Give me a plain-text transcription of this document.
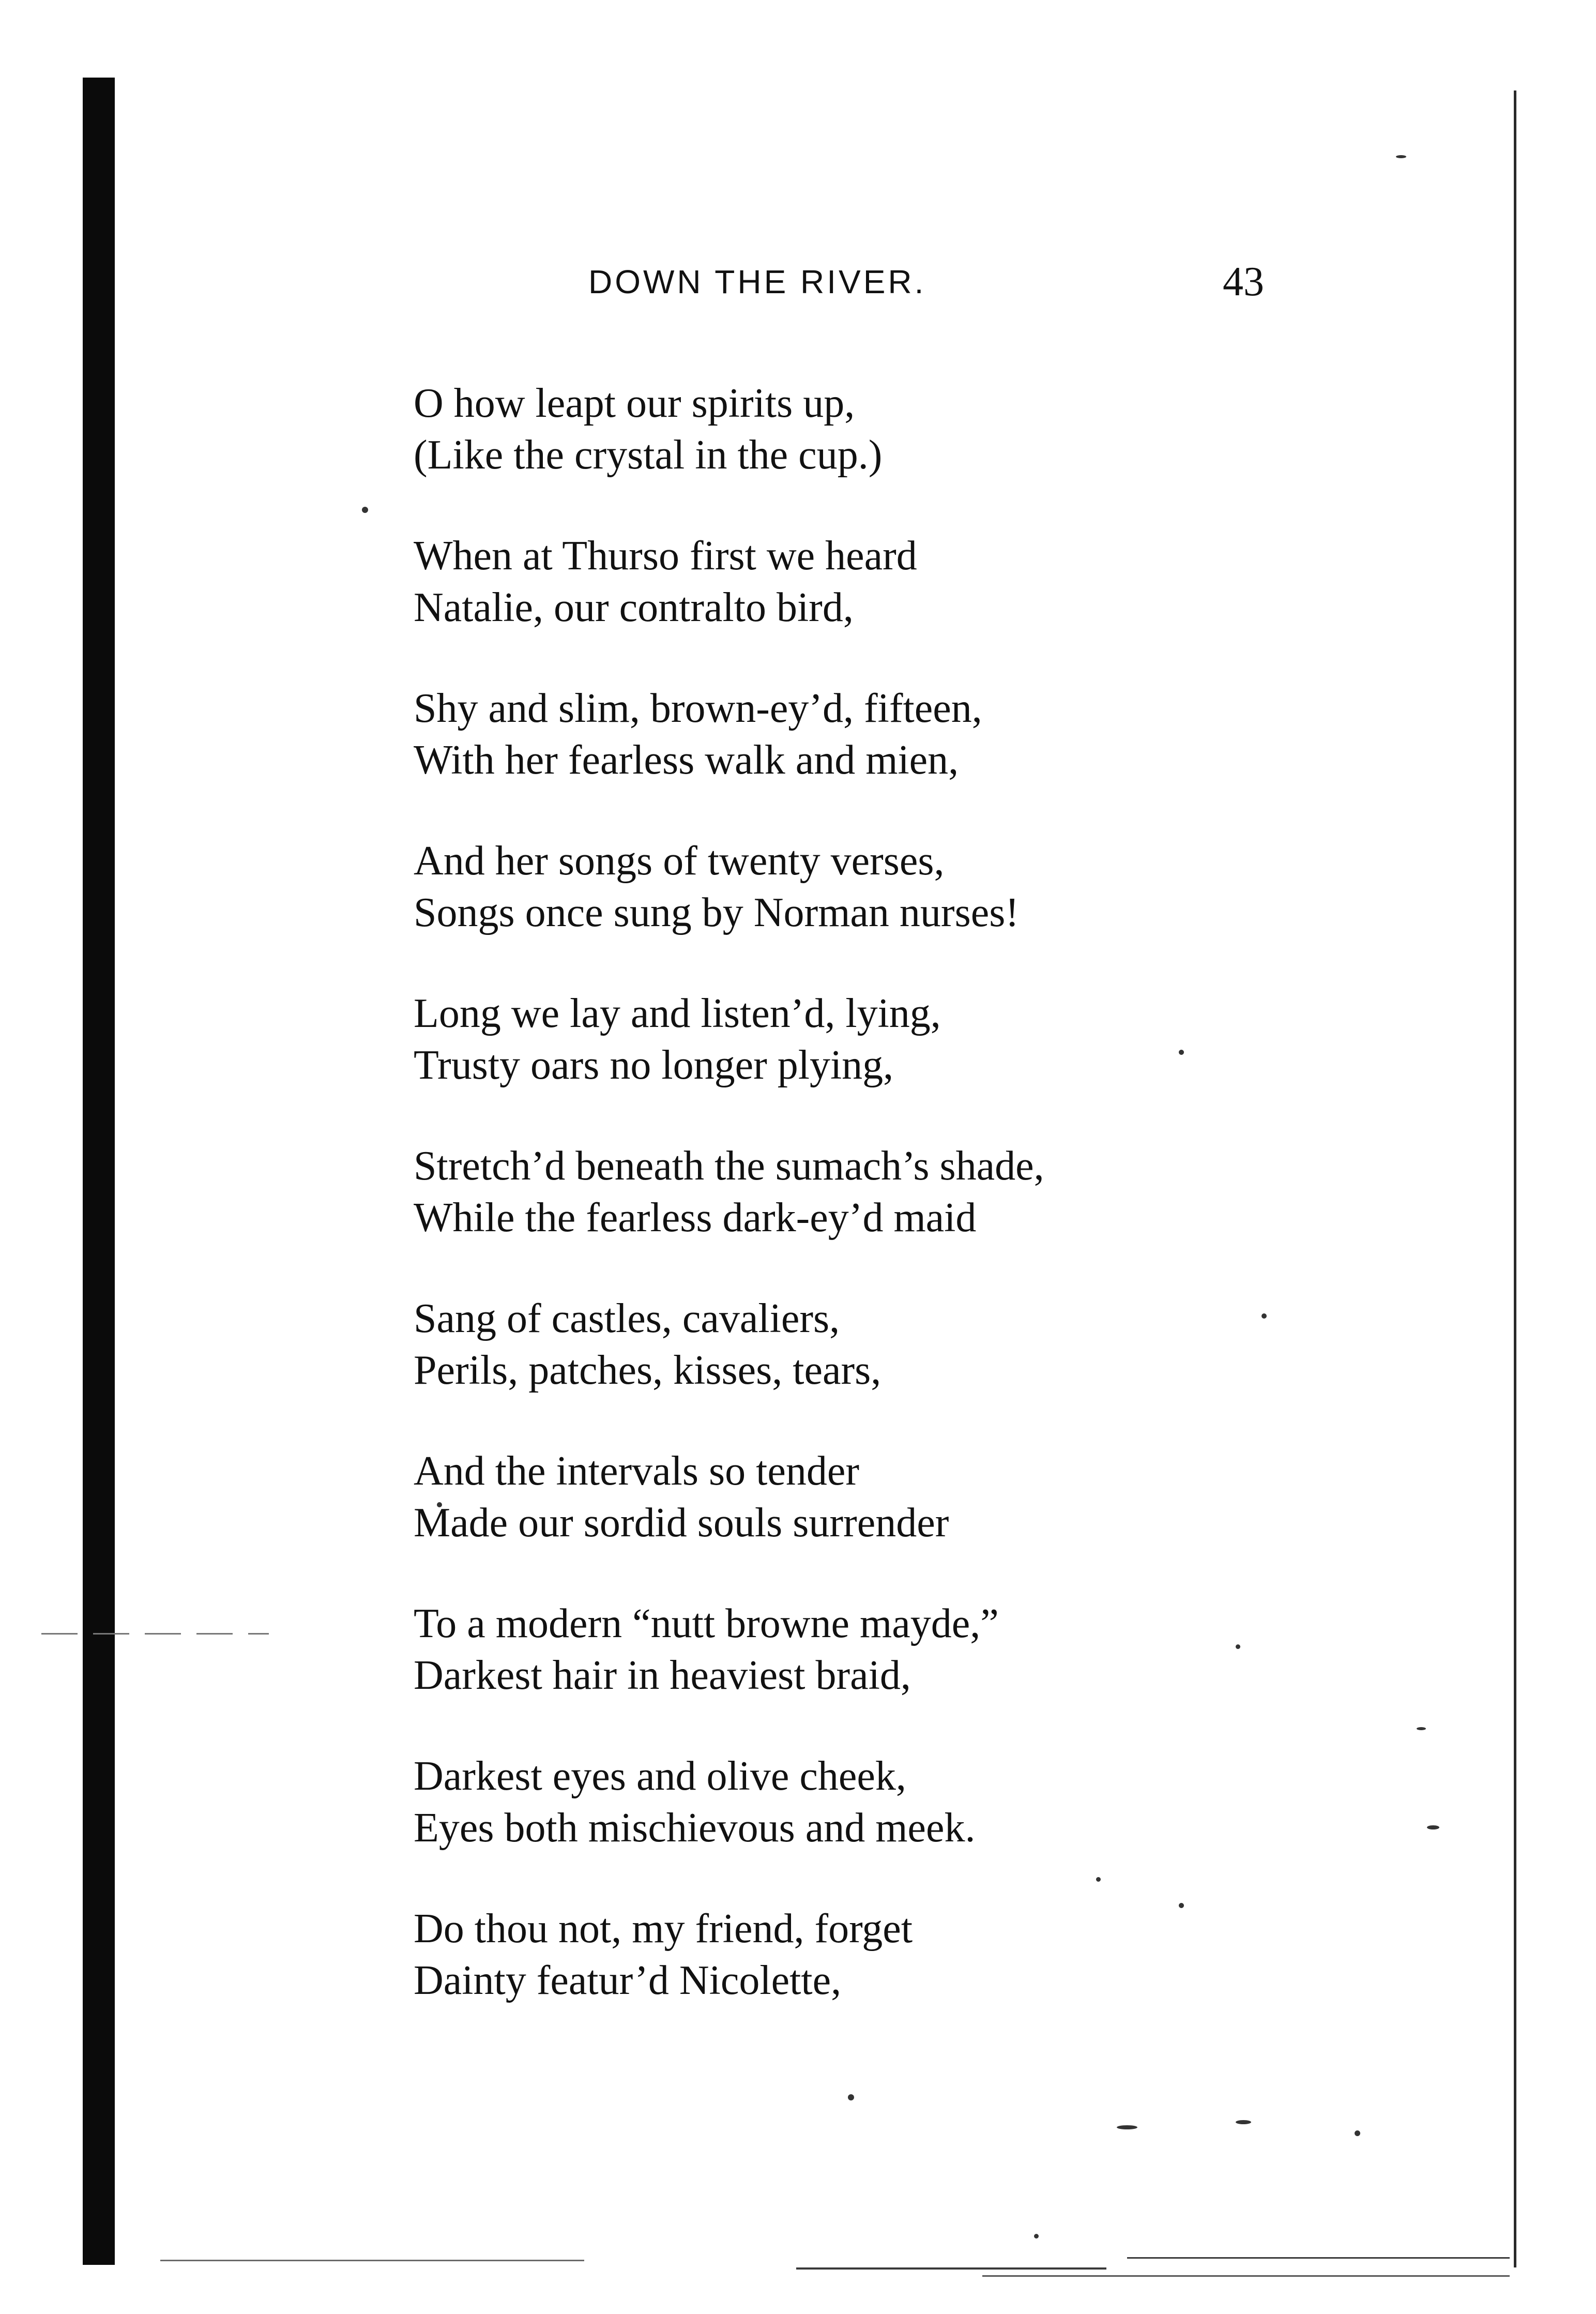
DOWN THE RIVER.	43
O how leapt our spirits up,
(Like the crystal in the cup.)
When at Thurso first we heard
Natalie, our contralto bird,
Shy and slim, brown-ey’d, fifteen,
With her fearless walk and mien,
And her songs of twenty verses,
Songs once sung by Norman nurses!
Long we lay and listen’d, lying,
Trusty oars no longer plying,
Stretch’d beneath the sumach’s shade,
While the fearless dark-ey’d maid
Sang of castles, cavaliers,
Perils, patches, kisses, tears,
And the intervals so tender
Made our sordid souls surrender
To a modern “nutt browne mayde,”
Darkest hair in heaviest braid,
Darkest eyes and olive cheek,
Eyes both mischievous and meek.
Do thou not, my friend, forget
Dainty featur’d Nicolette,
